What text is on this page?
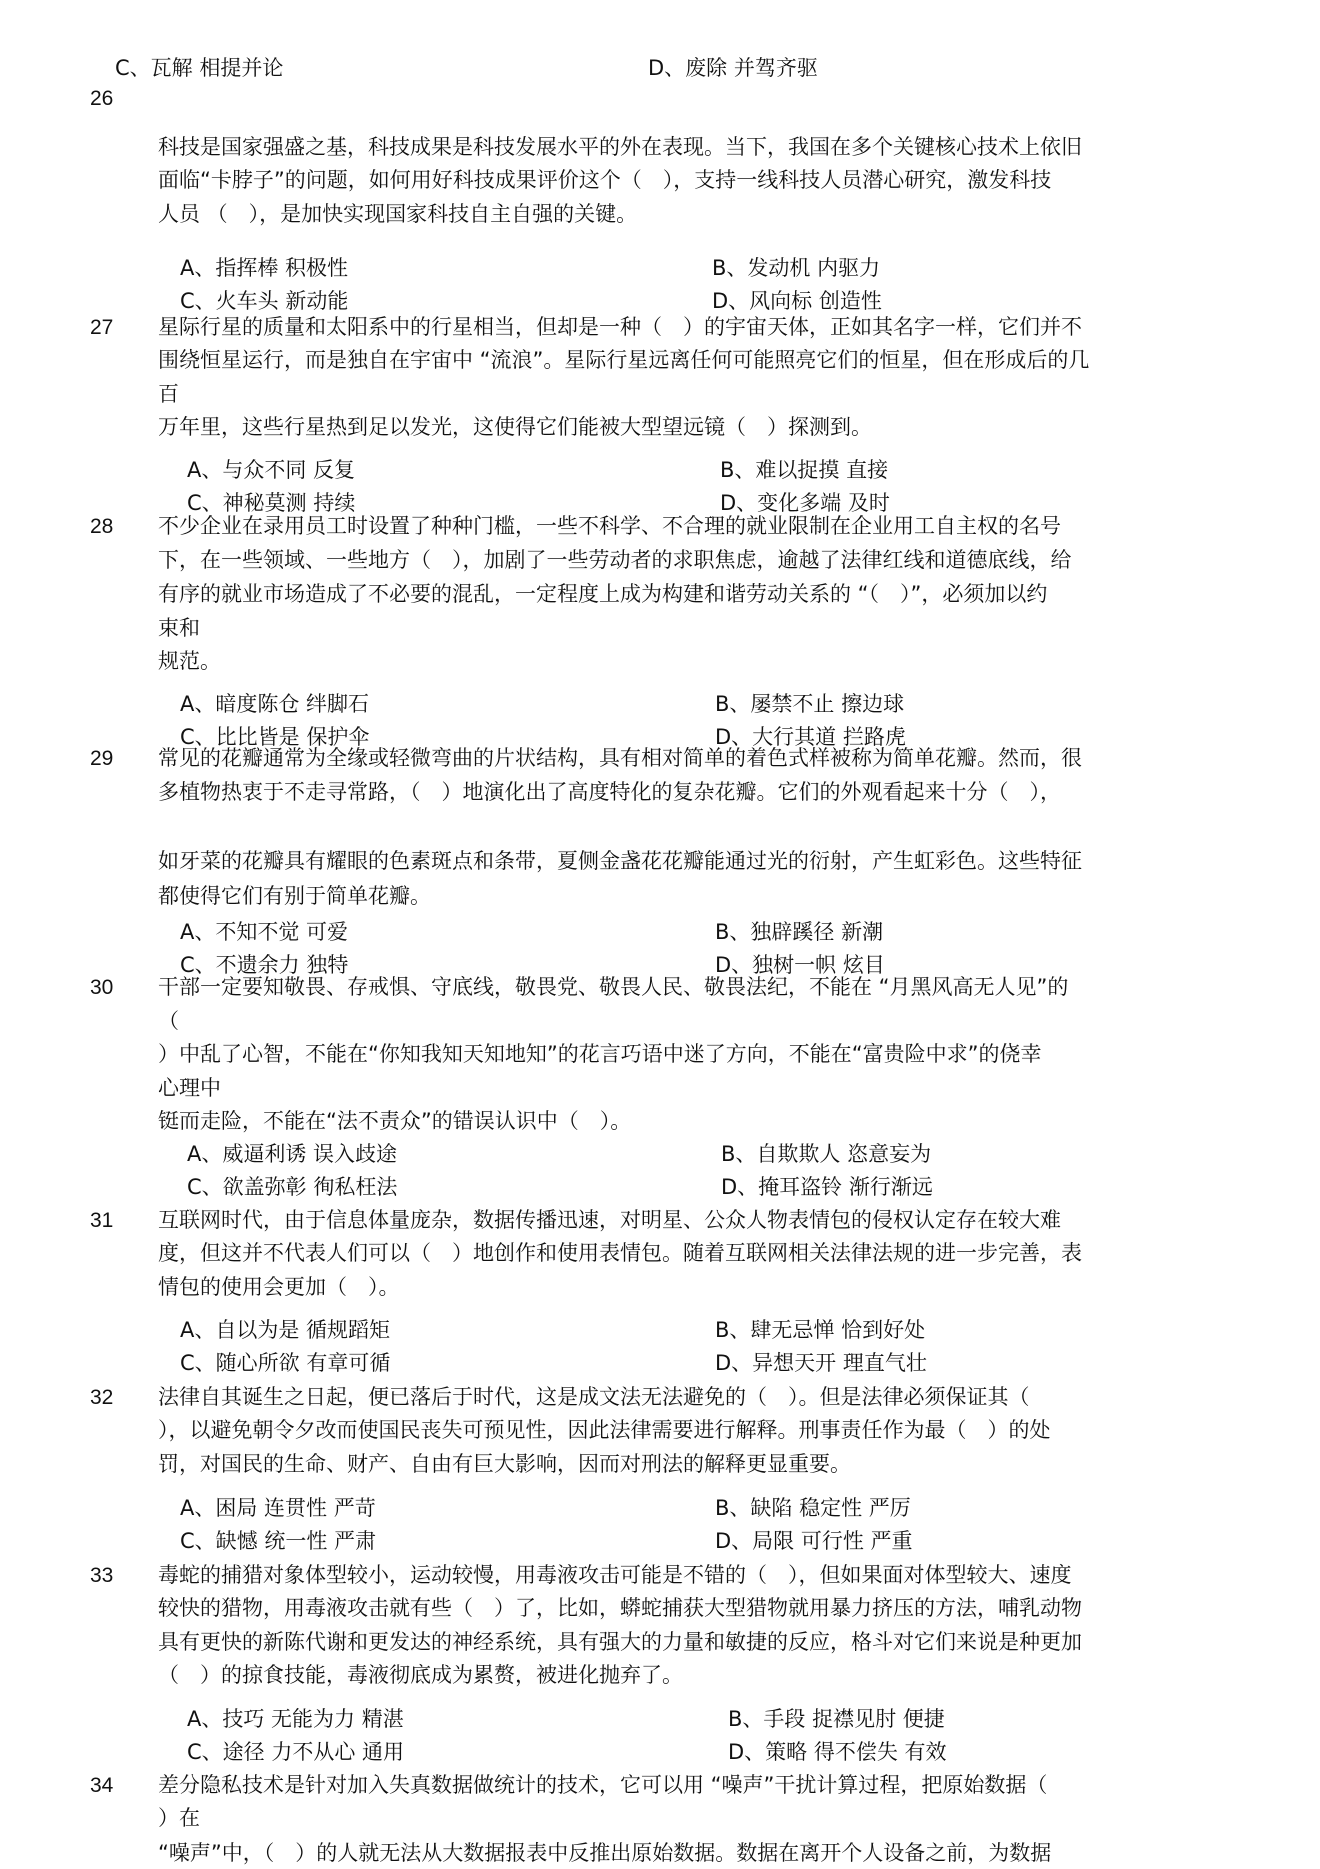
C、瓦解 相提并论	D、废除 并驾齐驱
26
科技是国家强盛之基，科技成果是科技发展水平的外在表现。当下，我国在多个关键核心技术上依旧
面临“卡脖子”的问题，如何用好科技成果评价这个（　），支持一线科技人员潜心研究，激发科技
人员 （　），是加快实现国家科技自主自强的关键。
A、指挥棒 积极性	B、发动机 内驱力
C、火车头 新动能	D、风向标 创造性
27 星际行星的质量和太阳系中的行星相当，但却是一种（　）的宇宙天体，正如其名字一样，它们并不
围绕恒星运行，而是独自在宇宙中 “流浪”。星际行星远离任何可能照亮它们的恒星，但在形成后的几
百
万年里，这些行星热到足以发光，这使得它们能被大型望远镜（　）探测到。
A、与众不同 反复	B、难以捉摸 直接
C、神秘莫测 持续	D、变化多端 及时
28 不少企业在录用员工时设置了种种门槛，一些不科学、不合理的就业限制在企业用工自主权的名号
下，在一些领域、一些地方（　），加剧了一些劳动者的求职焦虑，逾越了法律红线和道德底线，给
有序的就业市场造成了不必要的混乱，一定程度上成为构建和谐劳动关系的 “（　）”，必须加以约
束和
规范。
A、暗度陈仓 绊脚石	B、屡禁不止 擦边球
C、比比皆是 保护伞	D、大行其道 拦路虎
29 常见的花瓣通常为全缘或轻微弯曲的片状结构，具有相对简单的着色式样被称为简单花瓣。然而，很
多植物热衷于不走寻常路，（　）地演化出了高度特化的复杂花瓣。它们的外观看起来十分（　），
如牙菜的花瓣具有耀眼的色素斑点和条带，夏侧金盏花花瓣能通过光的衍射，产生虹彩色。这些特征
都使得它们有别于简单花瓣。
A、不知不觉 可爱	B、独辟蹊径 新潮
C、不遗余力 独特	D、独树一帜 炫目
30 干部一定要知敬畏、存戒惧、守底线，敬畏党、敬畏人民、敬畏法纪，不能在 “月黑风高无人见”的
（
）中乱了心智，不能在“你知我知天知地知”的花言巧语中迷了方向，不能在“富贵险中求”的侥幸
心理中
铤而走险，不能在“法不责众”的错误认识中（　）。
A、威逼利诱 误入歧途	B、自欺欺人 恣意妄为
C、欲盖弥彰 徇私枉法	D、掩耳盗铃 渐行渐远
31 互联网时代，由于信息体量庞杂，数据传播迅速，对明星、公众人物表情包的侵权认定存在较大难
度，但这并不代表人们可以（　）地创作和使用表情包。随着互联网相关法律法规的进一步完善，表
情包的使用会更加（　）。
A、自以为是 循规蹈矩	B、肆无忌惮 恰到好处
C、随心所欲 有章可循	D、异想天开 理直气壮
32 法律自其诞生之日起，便已落后于时代，这是成文法无法避免的（　）。但是法律必须保证其（
），以避免朝令夕改而使国民丧失可预见性，因此法律需要进行解释。刑事责任作为最（　）的处
罚，对国民的生命、财产、自由有巨大影响，因而对刑法的解释更显重要。
A、困局 连贯性 严苛	B、缺陷 稳定性 严厉
C、缺憾 统一性 严肃	D、局限 可行性 严重
33 毒蛇的捕猎对象体型较小，运动较慢，用毒液攻击可能是不错的（　），但如果面对体型较大、速度
较快的猎物，用毒液攻击就有些（　）了，比如，蟒蛇捕获大型猎物就用暴力挤压的方法，哺乳动物
具有更快的新陈代谢和更发达的神经系统，具有强大的力量和敏捷的反应，格斗对它们来说是种更加
（　）的掠食技能，毒液彻底成为累赘，被进化抛弃了。
A、技巧 无能为力 精湛	B、手段 捉襟见肘 便捷
C、途径 力不从心 通用	D、策略 得不偿失 有效
34 差分隐私技术是针对加入失真数据做统计的技术，它可以用 “噪声”干扰计算过程，把原始数据（
）在
“噪声”中，（　）的人就无法从大数据报表中反推出原始数据。数据在离开个人设备之前，为数据
